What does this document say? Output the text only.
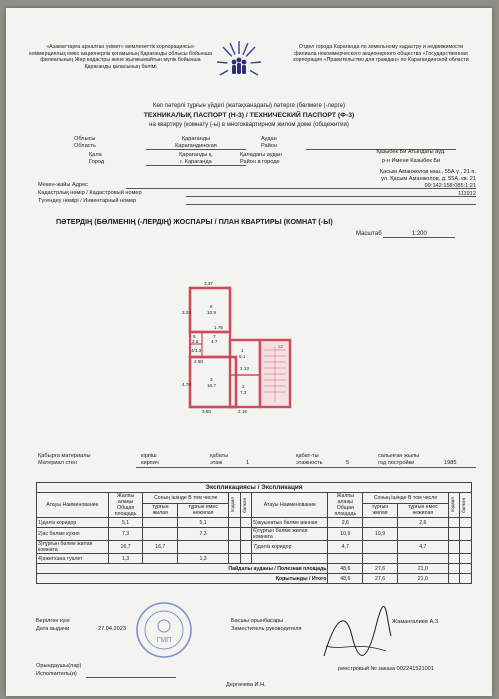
«Азаматтарға арналған үкімет» мемлекеттік корпорациясы» коммерциялық емес акционерлік қоғамының Қарағанды облысы бойынша филиалының Жер кадастры және жылжымайтын мүлік бойынша Қарағанды қаласының бөлімі
Отдел города Караганда по земельному кадастру и недвижимости филиала некоммерческого акционерного общества «Государственная корпорация «Правительство для граждан» по Карагандинской области
Көп пәтерлі тұрғын үйдегі (жатақханадағы) пәтерге (бөлмеге (-лерге)
ТЕХНИКАЛЫҚ ПАСПОРТ (Н-3) / ТЕХНИЧЕСКИЙ ПАСПОРТ (Ф-3)
на квартиру (комнату (-ы) в многоквартирном жилом доме (общежитии)
Облысы
Область
Қарағанды
Карагандинская
Аудан
Район
Қала
Город
Қарағанды қ.
г. Караганда
Қаладағы аудан
Район в городе
Қазыбек Би Атындағы ауд.
р-н Имени Казыбек Би
Қасым Аманжолов көш., 55А ү., 21 п.
Мекен-жайы Адрес
ул. Қасым Аманжолов, д. 55А, кв. 21
Кадастрлық нөмір / Кадастровый номер
09:142:158:085:1:21
Түгендеу нөмірі / Инвентарный номер
111912
ПӘТЕРДІҢ (БӨЛМЕНІҢ (-ЛЕРДІҢ) ЖОСПАРЫ / ПЛАН КВАРТИРЫ (КОМНАТ (-Ы)
Масштаб	1:200
3.37
3.22
6
10.9
1.76
5
2.6
7
4.7
4/1.3	1
5.1
2.13
2.50
3
16.7
4.76	2
7.3
3.50	2.16
22
Қабырға материалы
Материал стен
кірпіш
кирпич
қабаты
этаж	1
қабат-ты
этажность	5
салынған жылы
год постройки	1985
Экспликациясы / Экспликация											
Атауы Наименование	Жалпы алаңы Общая площадь	Соның ішінде В том числе		подвал	балкон	Атауы Наименование	Жалпы алаңы Общая площадь	Соның ішінде В том числе		подвал	балкон

		тұрғын жилая	тұрғын емес нежилая					тұрғын жилая	тұрғын емес нежилая		
1)дәліз коридор	5,1		5,1			5)жуынатын бөлме ванная	2,6		2,6		
2)ас бөлме кухня	7,3		7,3			6)тұрғын бөлме жилая комната	10,9	10,9			
3)тұрғын бөлме жилая комната	16,7	16,7				7)дәліз коридор	4,7		4,7		
4)әжетхана туалет	1,3		1,3								
Пайдалы ауданы / Полезная площадь							48,6	27,6	21,0		
Қорытынды / Итого							48,6	27,6	21,0		
Берілген күні
Дата выдачи	27.04.2023
ГМП
Басшы орынбасары
Заместитель руководителя
Жамангалиев А.З.
Орындаушы(лар)
Исполнитель(и)
Дергачева И.Н.
реестровый № заказа 002241521001
